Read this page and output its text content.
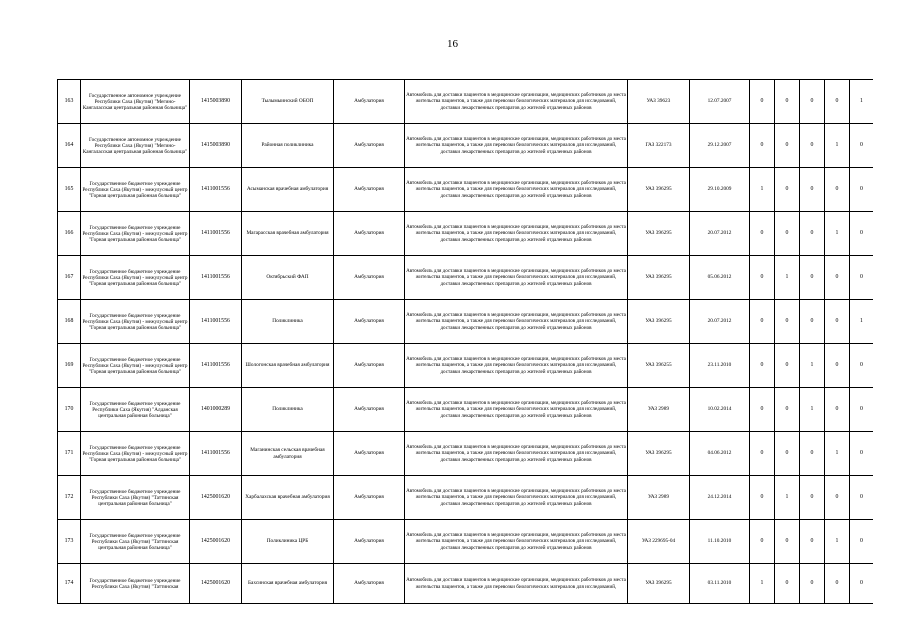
16
163	Государственное автономное учреждение Республики Саха (Якутия) "Мегино-Кангаласская центральная районная больница"	1415003890	Тылымыинский ОБОП	Амбулатория	Автомобиль для доставки пациентов в медицинские организации, медицинских работников до места жительства пациентов, а также для перевозки биологических материалов для исследований, доставки лекарственных препаратов до жителей отдаленных районов	УАЗ 39623	12.07.2007	0	0	0	0	1
164	Государственное автономное учреждение Республики Саха (Якутия) "Мегино-Кангаласская центральная районная больница"	1415003890	Районная поликлиника	Амбулатория	Автомобиль для доставки пациентов в медицинские организации, медицинских работников до места жительства пациентов, а также для перевозки биологических материалов для исследований, доставки лекарственных препаратов до жителей отдаленных районов	ГАЗ 322173	29.12.2007	0	0	0	1	0
165	Государственное бюджетное учреждение Республики Саха (Якутия) - межулусный центр "Горная центральная районная больница"	1411001556	Асыманская врачебная амбулатория	Амбулатория	Автомобиль для доставки пациентов в медицинские организации, медицинских работников до места жительства пациентов, а также для перевозки биологических материалов для исследований, доставки лекарственных препаратов до жителей отдаленных районов	УАЗ 396295	29.10.2009	1	0	0	0	0
166	Государственное бюджетное учреждение Республики Саха (Якутия) - межулусный центр "Горная центральная районная больница"	1411001556	Магарасская врачебная амбулатория	Амбулатория	Автомобиль для доставки пациентов в медицинские организации, медицинских работников до места жительства пациентов, а также для перевозки биологических материалов для исследований, доставки лекарственных препаратов до жителей отдаленных районов	УАЗ 396295	20.07.2012	0	0	0	1	0
167	Государственное бюджетное учреждение Республики Саха (Якутия) - межулусный центр "Горная центральная районная больница"	1411001556	Октябрьский ФАП	Амбулатория	Автомобиль для доставки пациентов в медицинские организации, медицинских работников до места жительства пациентов, а также для перевозки биологических материалов для исследований, доставки лекарственных препаратов до жителей отдаленных районов	УАЗ 396295	05.06.2012	0	1	0	0	0
168	Государственное бюджетное учреждение Республики Саха (Якутия) - межулусный центр "Горная центральная районная больница"	1411001556	Поликлиника	Амбулатория	Автомобиль для доставки пациентов в медицинские организации, медицинских работников до места жительства пациентов, а также для перевозки биологических материалов для исследований, доставки лекарственных препаратов до жителей отдаленных районов	УАЗ 396295	20.07.2012	0	0	0	0	1
169	Государственное бюджетное учреждение Республики Саха (Якутия) - межулусный центр "Горная центральная районная больница"	1411001556	Шологонская врачебная амбулатория	Амбулатория	Автомобиль для доставки пациентов в медицинские организации, медицинских работников до места жительства пациентов, а также для перевозки биологических материалов для исследований, доставки лекарственных препаратов до жителей отдаленных районов	УАЗ 396255	23.11.2010	0	0	1	0	0
170	Государственное бюджетное учреждение Республики Саха (Якутия) "Алданская центральная районная больница"	1401000289	Поликлиника	Амбулатория	Автомобиль для доставки пациентов в медицинские организации, медицинских работников до места жительства пациентов, а также для перевозки биологических материалов для исследований, доставки лекарственных препаратов до жителей отдаленных районов	УАЗ 2989	10.02.2014	0	0	1	0	0
171	Государственное бюджетное учреждение Республики Саха (Якутия) - межулусный центр "Горная центральная районная больница"	1411001556	Маганинская сельская врачебная амбулатория	Амбулатория	Автомобиль для доставки пациентов в медицинские организации, медицинских работников до места жительства пациентов, а также для перевозки биологических материалов для исследований, доставки лекарственных препаратов до жителей отдаленных районов	УАЗ 396295	04.06.2012	0	0	0	1	0
172	Государственное бюджетное учреждение Республики Саха (Якутия) "Таттинская центральная районная больница"	1425001620	Харбалахская врачебная амбулатория	Амбулатория	Автомобиль для доставки пациентов в медицинские организации, медицинских работников до места жительства пациентов, а также для перевозки биологических материалов для исследований, доставки лекарственных препаратов до жителей отдаленных районов	УАЗ 2989	24.12.2014	0	1	0	0	0
173	Государственное бюджетное учреждение Республики Саха (Якутия) "Таттинская центральная районная больница"	1425001620	Поликлиника ЦРБ	Амбулатория	Автомобиль для доставки пациентов в медицинские организации, медицинских работников до места жительства пациентов, а также для перевозки биологических материалов для исследований, доставки лекарственных препаратов до жителей отдаленных районов	УАЗ 229695-04	11.10.2010	0	0	0	1	0
174	Государственное бюджетное учреждение Республики Саха (Якутия) "Таттинская	1425001620	Бахсинская врачебная амбулатория	Амбулатория	Автомобиль для доставки пациентов в медицинские организации, медицинских работников до места жительства пациентов, а также для перевозки биологических материалов для исследований,	УАЗ 396295	03.11.2010	1	0	0	0	0
